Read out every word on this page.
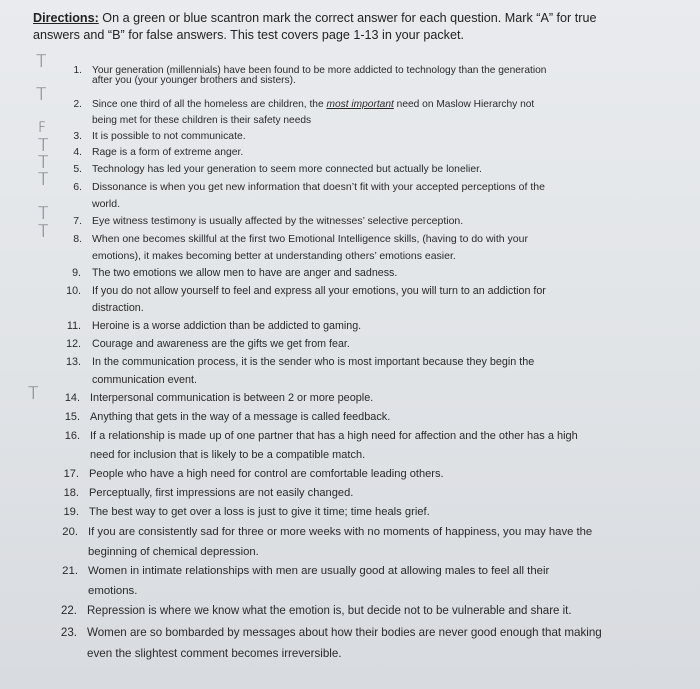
Directions: On a green or blue scantron mark the correct answer for each question. Mark “A” for true
answers and “B” for false answers. This test covers page 1-13 in your packet.
1. Your generation (millennials) have been found to be more addicted to technology than the generation
after you (your younger brothers and sisters).
T
2. Since one third of all the homeless are children, the most important need on Maslow Hierarchy not
being met for these children is their safety needs
T
3. It is possible to not communicate.
F
4. Rage is a form of extreme anger.
T
5. Technology has led your generation to seem more connected but actually be lonelier.
T
6. Dissonance is when you get new information that doesn’t fit with your accepted perceptions of the
world.
T
7. Eye witness testimony is usually affected by the witnesses’ selective perception.
T
8. When one becomes skillful at the first two Emotional Intelligence skills, (having to do with your
emotions), it makes becoming better at understanding others’ emotions easier.
T
9. The two emotions we allow men to have are anger and sadness.
10. If you do not allow yourself to feel and express all your emotions, you will turn to an addiction for
distraction.
11. Heroine is a worse addiction than be addicted to gaming.
12. Courage and awareness are the gifts we get from fear.
13. In the communication process, it is the sender who is most important because they begin the
communication event.
14. Interpersonal communication is between 2 or more people.
T
15. Anything that gets in the way of a message is called feedback.
16. If a relationship is made up of one partner that has a high need for affection and the other has a high
need for inclusion that is likely to be a compatible match.
17. People who have a high need for control are comfortable leading others.
18. Perceptually, first impressions are not easily changed.
19. The best way to get over a loss is just to give it time; time heals grief.
20. If you are consistently sad for three or more weeks with no moments of happiness, you may have the
beginning of chemical depression.
21. Women in intimate relationships with men are usually good at allowing males to feel all their
emotions.
22. Repression is where we know what the emotion is, but decide not to be vulnerable and share it.
23. Women are so bombarded by messages about how their bodies are never good enough that making
even the slightest comment becomes irreversible.
